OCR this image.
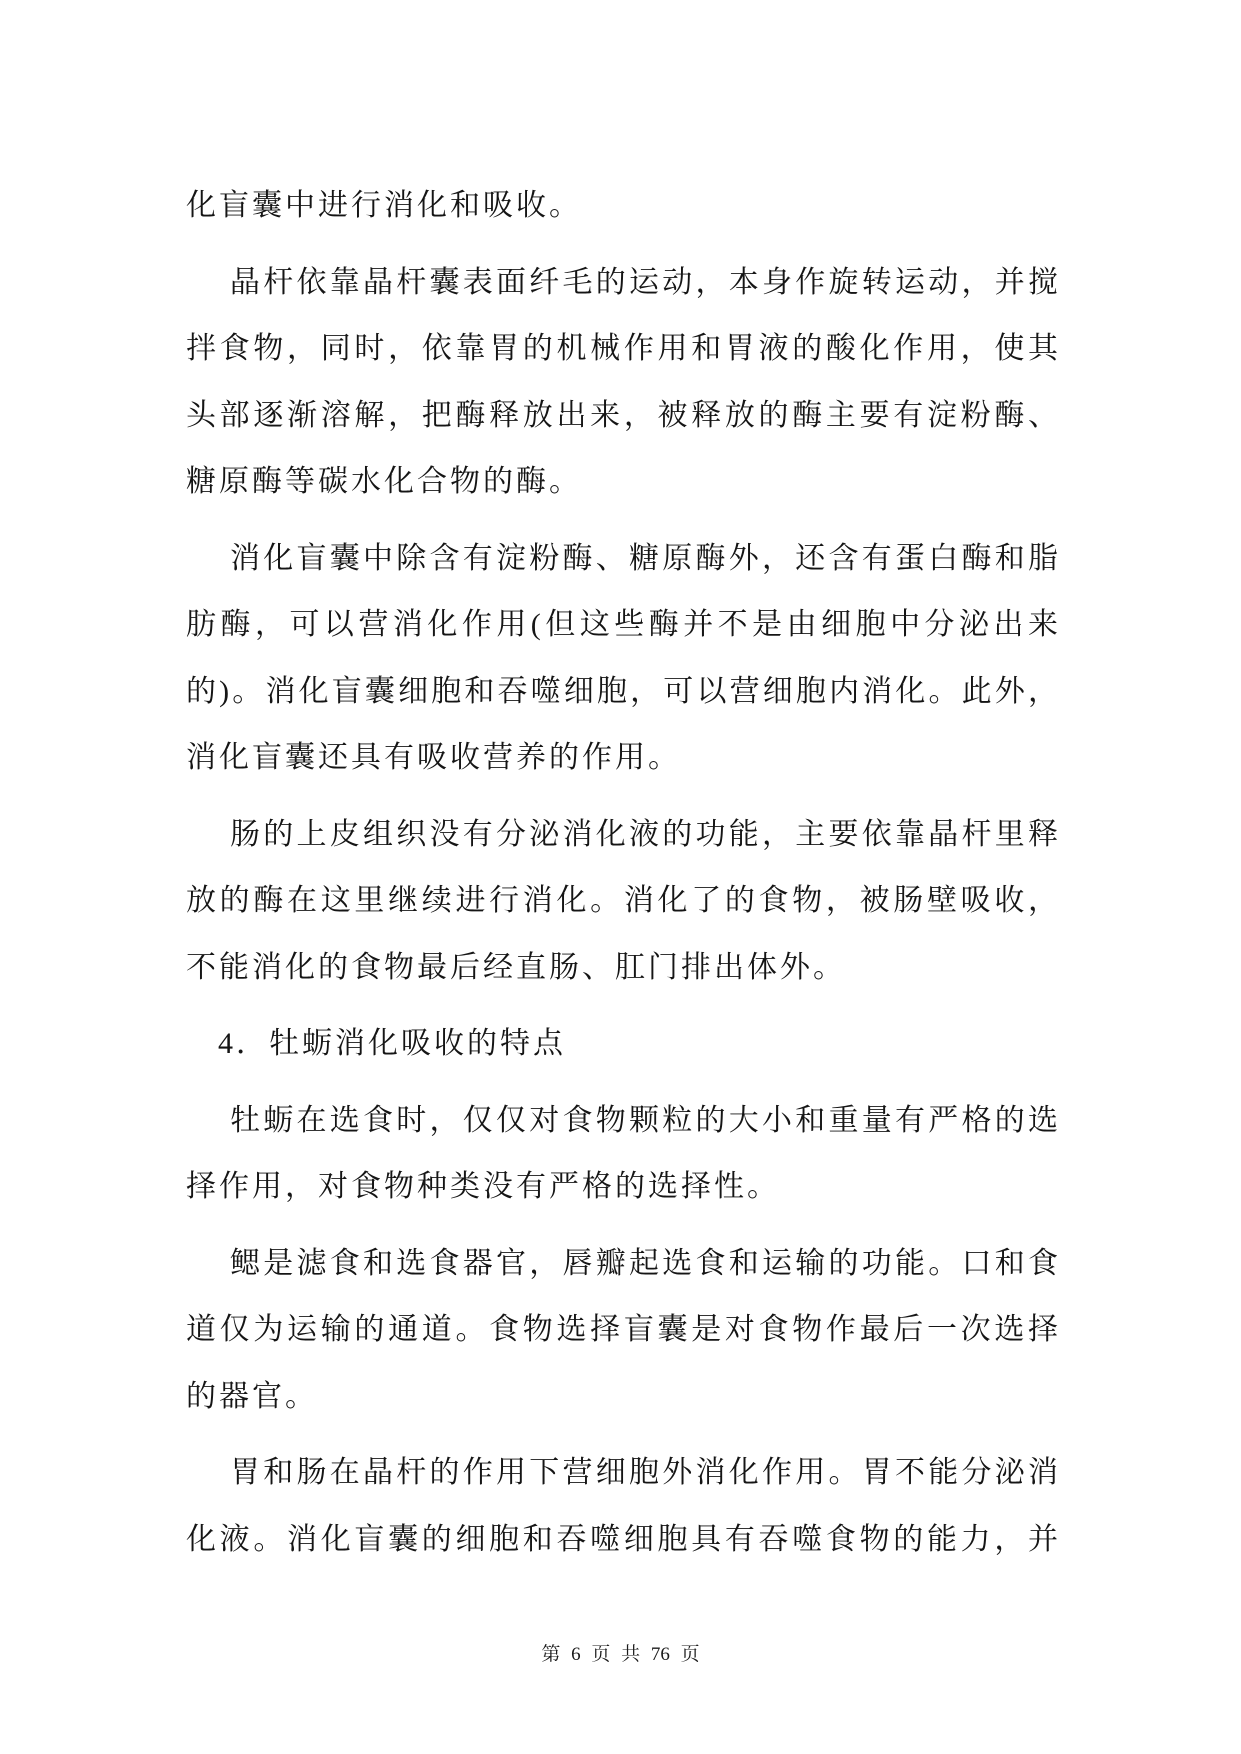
化盲囊中进行消化和吸收。
晶杆依靠晶杆囊表面纤毛的运动，本身作旋转运动，并搅
拌食物，同时，依靠胃的机械作用和胃液的酸化作用，使其
头部逐渐溶解，把酶释放出来，被释放的酶主要有淀粉酶、
糖原酶等碳水化合物的酶。
消化盲囊中除含有淀粉酶、糖原酶外，还含有蛋白酶和脂
肪酶，可以营消化作用(但这些酶并不是由细胞中分泌出来
的)。消化盲囊细胞和吞噬细胞，可以营细胞内消化。此外，
消化盲囊还具有吸收营养的作用。
肠的上皮组织没有分泌消化液的功能，主要依靠晶杆里释
放的酶在这里继续进行消化。消化了的食物，被肠壁吸收，
不能消化的食物最后经直肠、肛门排出体外。
4．牡蛎消化吸收的特点
牡蛎在选食时，仅仅对食物颗粒的大小和重量有严格的选
择作用，对食物种类没有严格的选择性。
鳃是滤食和选食器官，唇瓣起选食和运输的功能。口和食
道仅为运输的通道。食物选择盲囊是对食物作最后一次选择
的器官。
胃和肠在晶杆的作用下营细胞外消化作用。胃不能分泌消
化液。消化盲囊的细胞和吞噬细胞具有吞噬食物的能力，并
第 6 页 共 76 页
